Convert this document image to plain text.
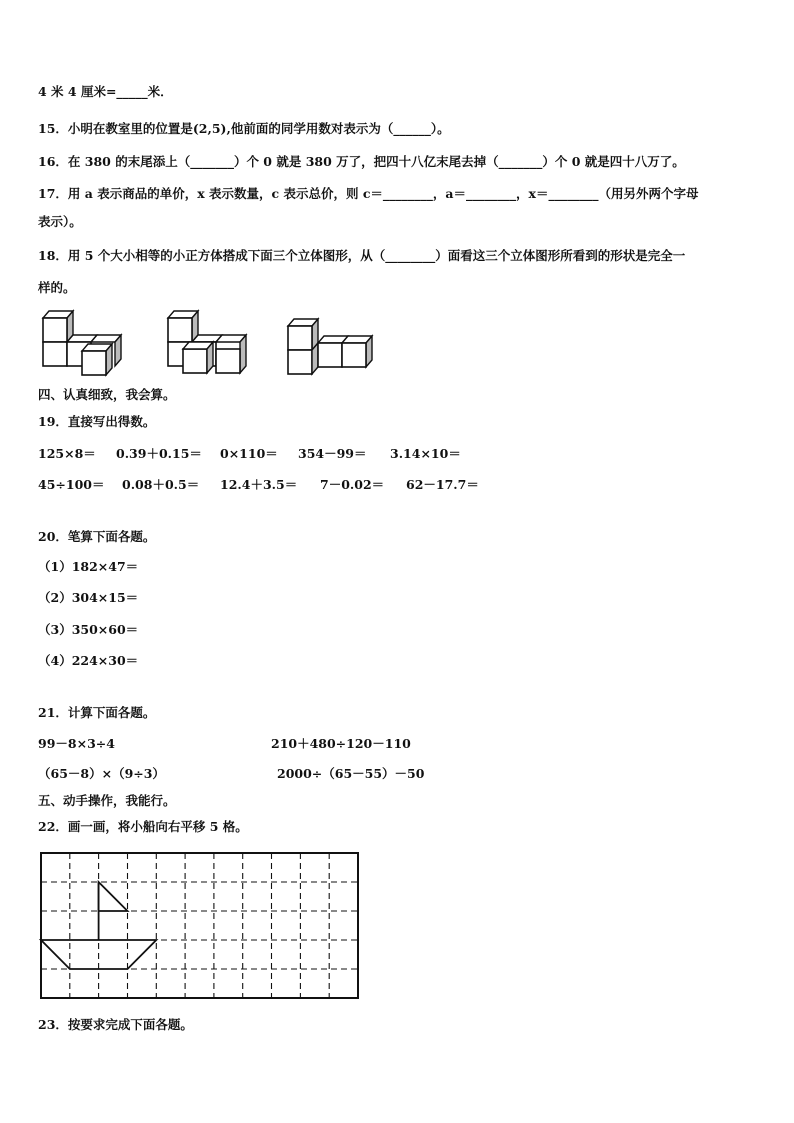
4 米 4 厘米=_____米．
15．小明在教室里的位置是(2,5),他前面的同学用数对表示为（______）。
16．在 380 的末尾添上（_______）个 0 就是 380 万了，把四十八亿末尾去掉（_______）个 0 就是四十八万了。
17．用 a 表示商品的单价，x 表示数量，c 表示总价，则 c＝________，a＝________，x＝________（用另外两个字母
表示）。
18．用 5 个大小相等的小正方体搭成下面三个立体图形，从（________）面看这三个立体图形所看到的形状是完全一
样的。
四、认真细致，我会算。
19．直接写出得数。
125×8＝ 0.39＋0.15＝ 0×110＝ 354－99＝ 3.14×10＝
45÷100＝ 0.08＋0.5＝ 12.4＋3.5＝ 7－0.02＝ 62－17.7＝
20．笔算下面各题。
（1）182×47＝
（2）304×15＝
（3）350×60＝
（4）224×30＝
21．计算下面各题。
99－8×3÷4	210＋480÷120－110
（65－8）×（9÷3）	2000÷（65－55）－50
五、动手操作，我能行。
22．画一画，将小船向右平移 5 格。
23．按要求完成下面各题。
